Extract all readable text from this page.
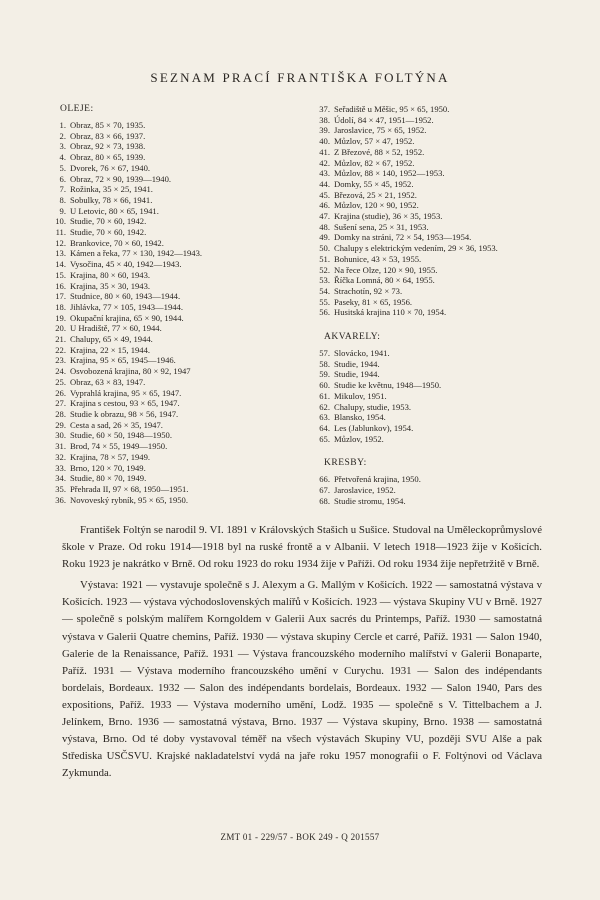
SEZNAM PRACÍ FRANTIŠKA FOLTÝNA
OLEJE:
1. Obraz, 85 × 70, 1935.
2. Obraz, 83 × 66, 1937.
3. Obraz, 92 × 73, 1938.
4. Obraz, 80 × 65, 1939.
5. Dvorek, 76 × 67, 1940.
6. Obraz, 72 × 90, 1939—1940.
7. Rožinka, 35 × 25, 1941.
8. Sobulky, 78 × 66, 1941.
9. U Letovic, 80 × 65, 1941.
10. Studie, 70 × 60, 1942.
11. Studie, 70 × 60, 1942.
12. Brankovice, 70 × 60, 1942.
13. Kámen a řeka, 77 × 130, 1942—1943.
14. Vysočina, 45 × 40, 1942—1943.
15. Krajina, 80 × 60, 1943.
16. Krajina, 35 × 30, 1943.
17. Studnice, 80 × 60, 1943—1944.
18. Jihlávka, 77 × 105, 1943—1944.
19. Okupační krajina, 65 × 90, 1944.
20. U Hradiště, 77 × 60, 1944.
21. Chalupy, 65 × 49, 1944.
22. Krajina, 22 × 15, 1944.
23. Krajina, 95 × 65, 1945—1946.
24. Osvobozená krajina, 80 × 92, 1947
25. Obraz, 63 × 83, 1947.
26. Vyprahlá krajina, 95 × 65, 1947.
27. Krajina s cestou, 93 × 65, 1947.
28. Studie k obrazu, 98 × 56, 1947.
29. Cesta a sad, 26 × 35, 1947.
30. Studie, 60 × 50, 1948—1950.
31. Brod, 74 × 55, 1949—1950.
32. Krajina, 78 × 57, 1949.
33. Brno, 120 × 70, 1949.
34. Studie, 80 × 70, 1949.
35. Přehrada II, 97 × 68, 1950—1951.
36. Novoveský rybník, 95 × 65, 1950.
37. Seřadiště u Měšic, 95 × 65, 1950.
38. Údolí, 84 × 47, 1951—1952.
39. Jaroslavice, 75 × 65, 1952.
40. Můzlov, 57 × 47, 1952.
41. Z Březové, 88 × 52, 1952.
42. Můzlov, 82 × 67, 1952.
43. Můzlov, 88 × 140, 1952—1953.
44. Domky, 55 × 45, 1952.
45. Březová, 25 × 21, 1952.
46. Můzlov, 120 × 90, 1952.
47. Krajina (studie), 36 × 35, 1953.
48. Sušení sena, 25 × 31, 1953.
49. Domky na stráni, 72 × 54, 1953—1954.
50. Chalupy s elektrickým vedením, 29 × 36, 1953.
51. Bohunice, 43 × 53, 1955.
52. Na řece Olze, 120 × 90, 1955.
53. Říčka Lomná, 80 × 64, 1955.
54. Strachotín, 92 × 73.
55. Paseky, 81 × 65, 1956.
56. Husitská krajina 110 × 70, 1954.
AKVARELY:
57. Slovácko, 1941.
58. Studie, 1944.
59. Studie, 1944.
60. Studie ke květnu, 1948—1950.
61. Mikulov, 1951.
62. Chalupy, studie, 1953.
63. Blansko, 1954.
64. Les (Jablunkov), 1954.
65. Můzlov, 1952.
KRESBY:
66. Přetvořená krajina, 1950.
67. Jaroslavice, 1952.
68. Studie stromu, 1954.

František Foltýn se narodil 9. VI. 1891 v Královských Stašich u Sušice. Studoval na Uměleckoprůmyslové škole v Praze. Od roku 1914—1918 byl na ruské frontě a v Albanii. V letech 1918—1923 žije v Košicích. Roku 1923 je nakrátko v Brně. Od roku 1923 do roku 1934 žije v Paříži. Od roku 1934 žije nepřetržitě v Brně.

Výstava: 1921 — vystavuje společně s J. Alexym a G. Mallým v Košicích. 1922 — samostatná výstava v Košicích. 1923 — výstava východoslovenských malířů v Košicích. 1923 — výstava Skupiny VU v Brně. 1927 — společně s polským malířem Korngoldem v Galerii Aux sacrés du Printemps, Paříž. 1930 — samostatná výstava v Galerii Quatre chemins, Paříž. 1930 — výstava skupiny Cercle et carré, Paříž. 1931 — Salon 1940, Galerie de la Renaissance, Paříž. 1931 — Výstava francouzského moderního malířství v Galerii Bonaparte, Paříž. 1931 — Výstava moderního francouzského umění v Curychu. 1931 — Salon des indépendants bordelais, Bordeaux. 1932 — Salon des indépendants bordelais, Bordeaux. 1932 — Salon 1940, Pars des expositions, Paříž. 1933 — Výstava moderního umění, Lodž. 1935 — společně s V. Tittelbachem a J. Jelínkem, Brno. 1936 — samostatná výstava, Brno. 1937 — Výstava skupiny, Brno. 1938 — samostatná výstava, Brno. Od té doby vystavoval téměř na všech výstavách Skupiny VU, později SVU Alše a pak Střediska USČSVU. Krajské nakladatelství vydá na jaře roku 1957 monografii o F. Foltýnovi od Václava Zykmunda.

ZMT 01 - 229/57 - BOK 249 - Q 201557
